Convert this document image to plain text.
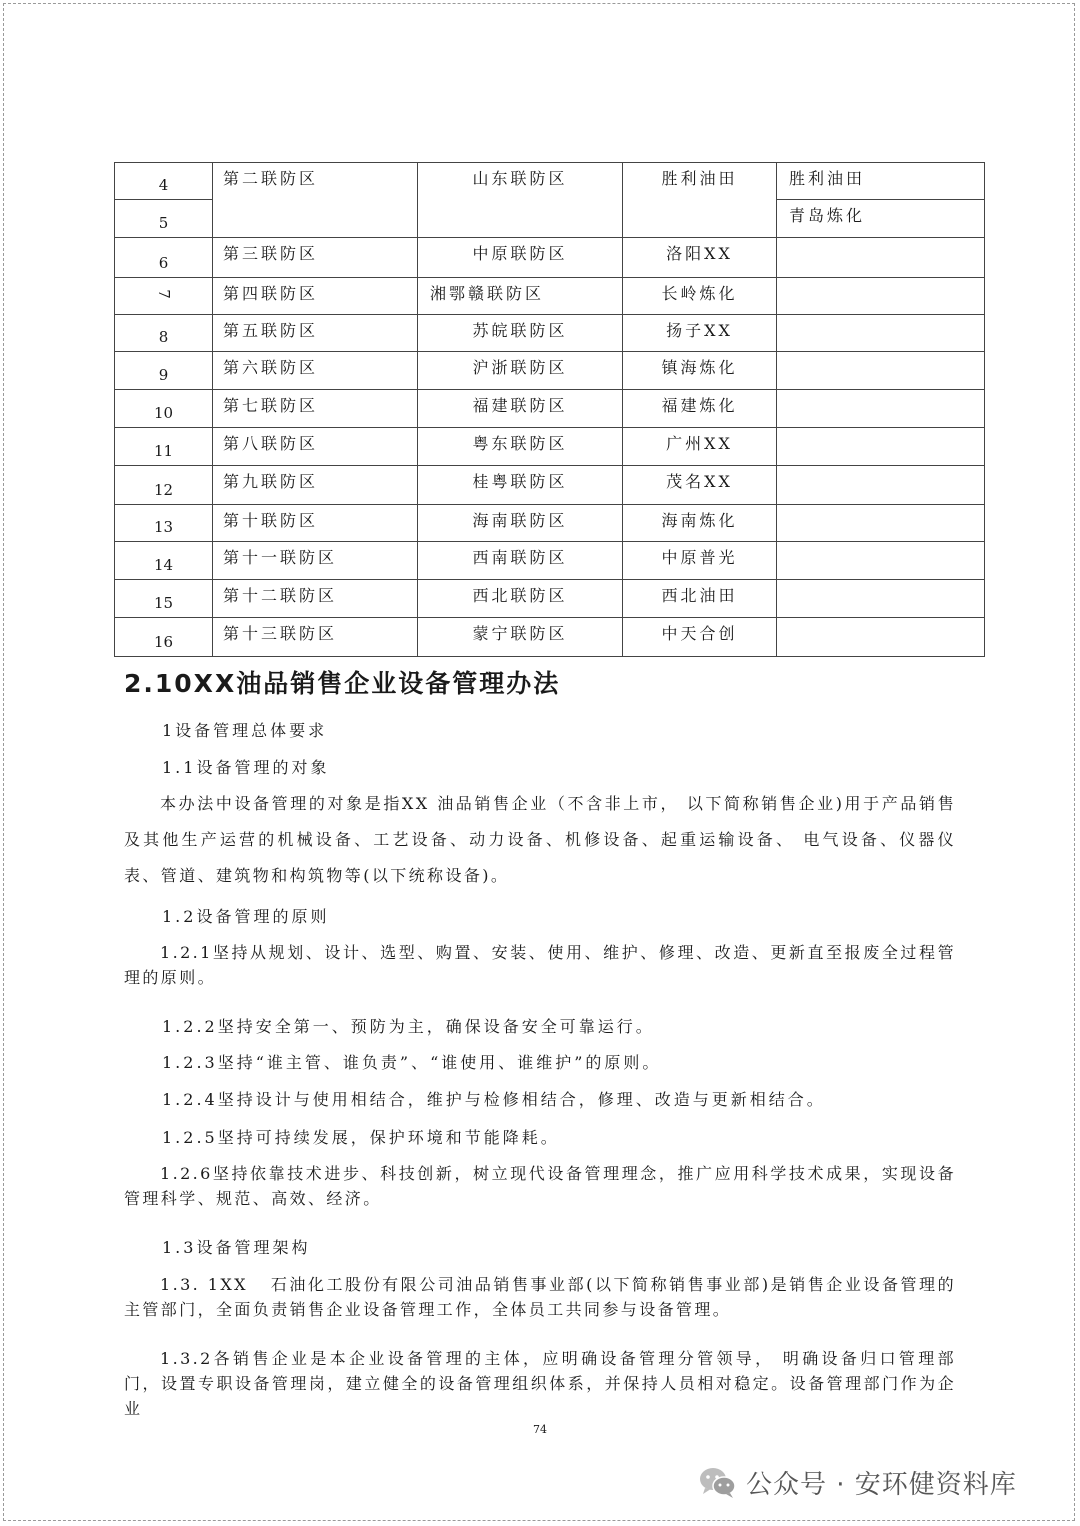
4	第二联防区	山东联防区	胜利油田	胜利油田
5				青岛炼化
6	第三联防区	中原联防区	洛阳XX	
7	第四联防区	湘鄂赣联防区	长岭炼化	
8	第五联防区	苏皖联防区	扬子XX	
9	第六联防区	沪浙联防区	镇海炼化	
10	第七联防区	福建联防区	福建炼化	
11	第八联防区	粤东联防区	广州XX	
12	第九联防区	桂粤联防区	茂名XX	
13	第十联防区	海南联防区	海南炼化	
14	第十一联防区	西南联防区	中原普光	
15	第十二联防区	西北联防区	西北油田	
16	第十三联防区	蒙宁联防区	中天合创	
2.10XX油品销售企业设备管理办法
1设备管理总体要求
1.1设备管理的对象
本办法中设备管理的对象是指XX 油品销售企业（不含非上市， 以下简称销售企业)用于产品销售及其他生产运营的机械设备、工艺设备、动力设备、机修设备、起重运输设备、 电气设备、仪器仪表、管道、建筑物和构筑物等(以下统称设备)。
1.2设备管理的原则
1.2.1坚持从规划、设计、选型、购置、安装、使用、维护、修理、改造、更新直至报废全过程管理的原则。
1.2.2坚持安全第一、预防为主，确保设备安全可靠运行。
1.2.3坚持“谁主管、谁负责”、“谁使用、谁维护”的原则。
1.2.4坚持设计与使用相结合，维护与检修相结合，修理、改造与更新相结合。
1.2.5坚持可持续发展，保护环境和节能降耗。
1.2.6坚持依靠技术进步、科技创新，树立现代设备管理理念，推广应用科学技术成果，实现设备管理科学、规范、高效、经济。
1.3设备管理架构
1.3. 1XX   石油化工股份有限公司油品销售事业部(以下简称销售事业部)是销售企业设备管理的 主管部门，全面负责销售企业设备管理工作，全体员工共同参与设备管理。
1.3.2各销售企业是本企业设备管理的主体，应明确设备管理分管领导， 明确设备归口管理部门，设置专职设备管理岗，建立健全的设备管理组织体系，并保持人员相对稳定。设备管理部门作为企业
74
公众号 · 安环健资料库
